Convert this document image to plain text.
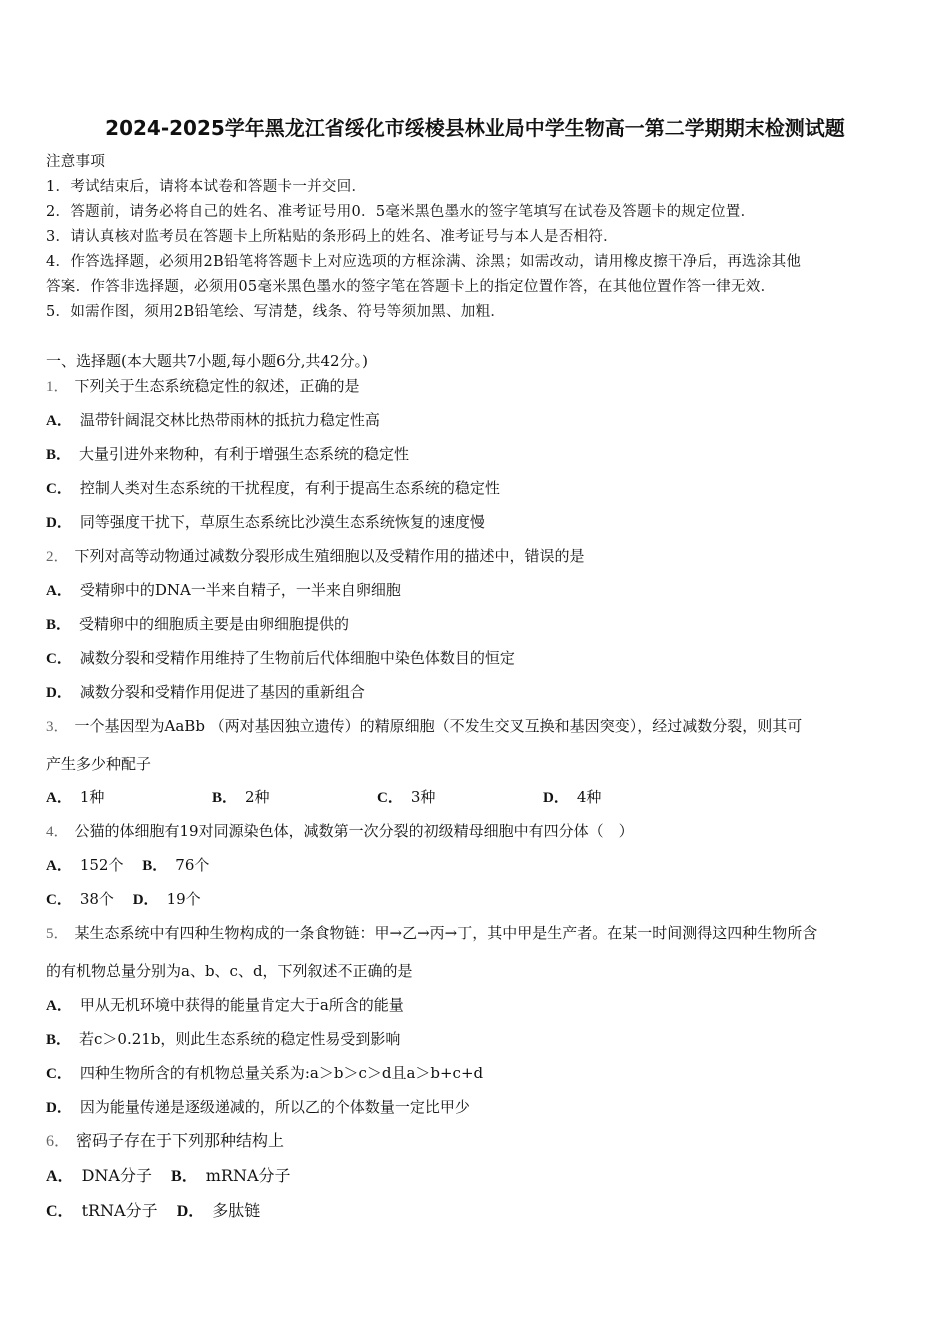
2024-2025学年黑龙江省绥化市绥棱县林业局中学生物高一第二学期期末检测试题
注意事项
1．考试结束后，请将本试卷和答题卡一并交回．
2．答题前，请务必将自己的姓名、准考证号用0．5毫米黑色墨水的签字笔填写在试卷及答题卡的规定位置．
3．请认真核对监考员在答题卡上所粘贴的条形码上的姓名、准考证号与本人是否相符．
4．作答选择题，必须用2B铅笔将答题卡上对应选项的方框涂满、涂黑；如需改动，请用橡皮擦干净后，再选涂其他
答案．作答非选择题，必须用05毫米黑色墨水的签字笔在答题卡上的指定位置作答，在其他位置作答一律无效．
5．如需作图，须用2B铅笔绘、写清楚，线条、符号等须加黑、加粗．
一、选择题(本大题共7小题,每小题6分,共42分。)
1． 下列关于生态系统稳定性的叙述，正确的是
A． 温带针阔混交林比热带雨林的抵抗力稳定性高
B． 大量引进外来物种，有利于增强生态系统的稳定性
C． 控制人类对生态系统的干扰程度，有利于提高生态系统的稳定性
D． 同等强度干扰下，草原生态系统比沙漠生态系统恢复的速度慢
2． 下列对高等动物通过减数分裂形成生殖细胞以及受精作用的描述中，错误的是
A． 受精卵中的DNA一半来自精子，一半来自卵细胞
B． 受精卵中的细胞质主要是由卵细胞提供的
C． 减数分裂和受精作用维持了生物前后代体细胞中染色体数目的恒定
D． 减数分裂和受精作用促进了基因的重新组合
3． 一个基因型为AaBb （两对基因独立遗传）的精原细胞（不发生交叉互换和基因突变），经过减数分裂，则其可
产生多少种配子
A． 1种	B． 2种	C． 3种	D． 4种
4． 公猫的体细胞有19对同源染色体，减数第一次分裂的初级精母细胞中有四分体（　）
A． 152个 B． 76个
C． 38个 D． 19个
5． 某生态系统中有四种生物构成的一条食物链：甲→乙→丙→丁，其中甲是生产者。在某一时间测得这四种生物所含
的有机物总量分别为a、b、c、d，下列叙述不正确的是
A． 甲从无机环境中获得的能量肯定大于a所含的能量
B． 若c＞0.21b，则此生态系统的稳定性易受到影响
C． 四种生物所含的有机物总量关系为:a＞b＞c＞d且a＞b+c+d
D． 因为能量传递是逐级递减的，所以乙的个体数量一定比甲少
6． 密码子存在于下列那种结构上
A． DNA分子 B． mRNA分子
C． tRNA分子 D． 多肽链
